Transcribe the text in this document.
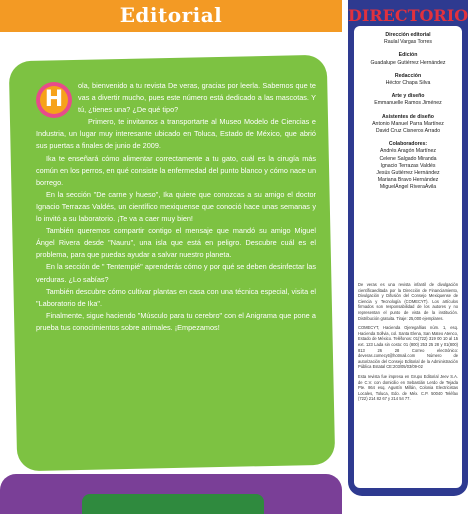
Editorial

H
ola, bienvenido a tu revista De veras, gracias por leerla. Sabemos que te vas a divertir mucho, pues este número está dedicado a las mascotas. Y tú, ¿tienes una? ¿De qué tipo?

Primero, te invitamos a transportarte al Museo Modelo de Ciencias e Industria, un lugar muy interesante ubicado en Toluca, Estado de México, que abrió sus puertas a finales de junio de 2009.

Ika te enseñará cómo alimentar correctamente a tu gato, cuál es la cirugía más común en los perros, en qué consiste la enfermedad del punto blanco y cómo nace un borrego.

En la sección "De carne y hueso", Ika quiere que conozcas a su amigo el doctor Ignacio Terrazas Valdés, un científico mexiquense que conoció hace unas semanas y lo invitó a su laboratorio. ¡Te va a caer muy bien!

También queremos compartir contigo el mensaje que mandó su amigo Miguel Ángel Rivera desde "Nauru", una isla que está en peligro. Descubre cuál es el problema, para que puedas ayudar a salvar nuestro planeta.

En la sección de " Tentempié" aprenderás cómo y por qué se deben desinfectar las verduras. ¿Lo sabías?

También descubre cómo cultivar plantas en casa con una técnica especial, visita el "Laboratorio de Ika".

Finalmente, sigue haciendo "Músculo para tu cerebro" con el Anigrama que pone a prueba tus conocimientos sobre animales. ¡Empezamos!

DIRECTORIO
Dirección editorial
Raulal Vargas Torres
Edición
Guadalupe Gutiérrez Hernández
Redacción
Héctor Chapa Silva
Arte y diseño
Emmanuelle Ramos Jiménez
Asistentes de diseño
Antonio Manuel Parra Martínez
David Cruz Cisneros Arrado
Colaboradores:
Andrés Aragón Martínez
Celene Salgado Miranda
Ignacio Terrazas Valdés
Jesús Gutiérrez Hernández
Mariana Bravo Hernández
MiguelÁngel RiveraÁvila

De veras es una revista infantil de divulgación científicaeditada por la Dirección de Financiamiento, Divulgación y Difusión del Consejo Mexiquense de Ciencia y Tecnología (COMECYT). Los artículos firmados son responsabilidad de los autores y no representan el punto de vista de la institución. Distribución gratuita. Tiraje: 25,000 ejemplares.

COMECYT, Hacienda Ojeregañias núm. 1, esq. Hacienda Sollvia, col. Santa Elena, San Mateo Atenco, Estado de México. Teléfonos: 01(722) 319 00 10 al 15 ext. 123 Lada sin costo: 01 (800) 253 25 28 y 01(800) 813 26 28 Correo electrónico: deveras.comecyt@hotmail.com Número de autorización del Consejo Editorial de la Administración Pública Estatal CE:203/05/03/09-02

Esta revista fue impresa en Grupo Editorial Jeev S.A. de C.V. con domicilio en Sebastián Lerdo de Tejada Pte. 864 esq. Agustín Millán, Colonia Electricistas Locales, Toluca, Edo. de Méx. C.P. 50040 Teléfax (722) 214 82 67 y 214 54 77.
